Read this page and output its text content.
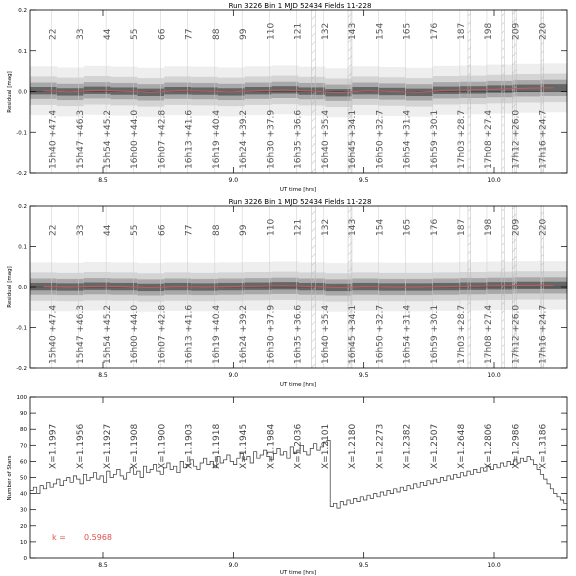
Run 3226 Bin 1 MJD 52434 Fields 11-228
22 33 44 55 66 77 88 99 110 121 132 143 154 165 176 187 198 209 220
15h40 +47.4 15h47 +46.3 15h54 +45.2 16h00 +44.0 16h07 +42.8 16h13 +41.6 16h19 +40.4 16h24 +39.2 16h30 +37.9 16h35 +36.6 16h40 +35.4 16h45 +34.1 16h50 +32.7 16h54 +31.4 16h59 +30.1 17h03 +28.7 17h08 +27.4 17h12 +26.0 17h16 +24.7
8.5	9.0	9.5	10.0
-0.2
-0.1
0.0
0.1
0.2
Residual [mag]
UT time [hrs]
Run 3226 Bin 1 MJD 52434 Fields 11-228
22 33 44 55 66 77 88 99 110 121 132 143 154 165 176 187 198 209 220
15h40 +47.4 15h47 +46.3 15h54 +45.2 16h00 +44.0 16h07 +42.8 16h13 +41.6 16h19 +40.4 16h24 +39.2 16h30 +37.9 16h35 +36.6 16h40 +35.4 16h45 +34.1 16h50 +32.7 16h54 +31.4 16h59 +30.1 17h03 +28.7 17h08 +27.4 17h12 +26.0 17h16 +24.7
8.5	9.0	9.5	10.0
-0.2
-0.1
0.0
0.1
0.2
Residual [mag]
UT time [hrs]
X=1.1997 X=1.1956 X=1.1927 X=1.1908 X=1.1900 X=1.1903 X=1.1918 X=1.1945 X=1.1984 X=1.2036 X=1.2101 X=1.2180 X=1.2273 X=1.2382 X=1.2507 X=1.2648 X=1.2806 X=1.2986 X=1.3186
8.5	9.0	9.5	10.0
0
10
20
30
40
50
60
70
80
90
100
Number of Stars
UT time [hrs]
k = 0.5968
